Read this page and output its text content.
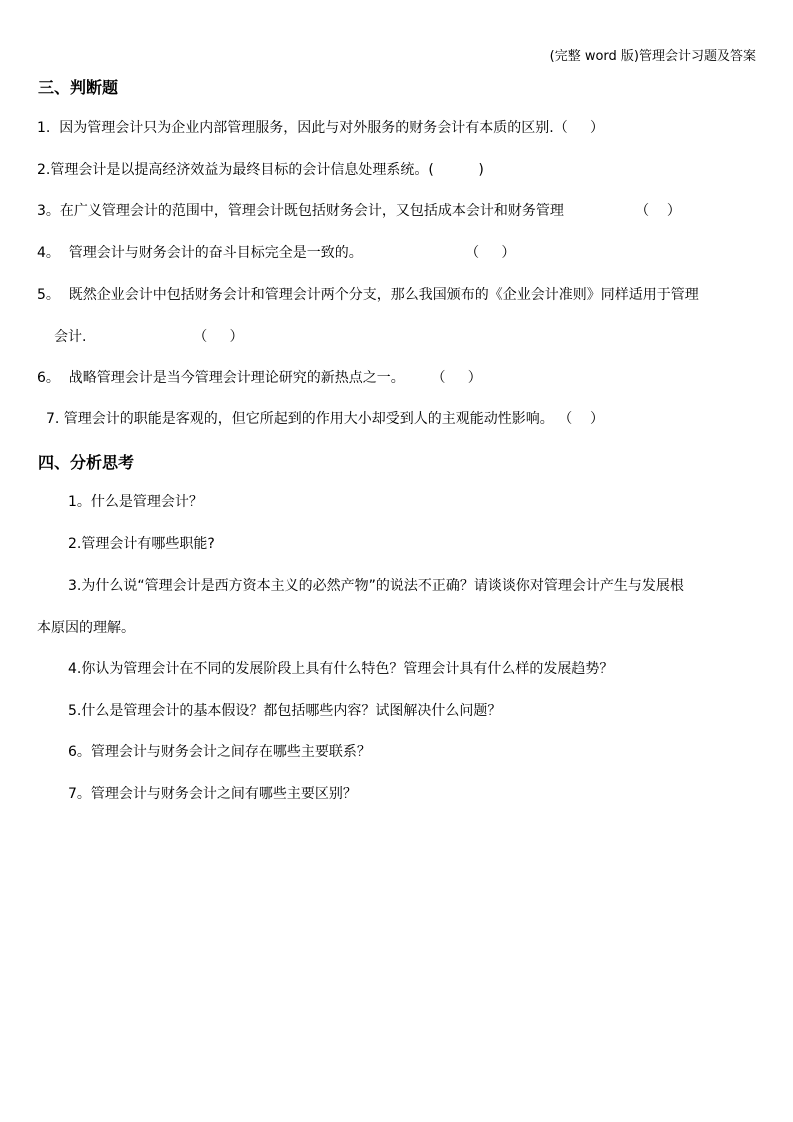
(完整 word 版)管理会计习题及答案
三、判断题
1.  因为管理会计只为企业内部管理服务，因此与对外服务的财务会计有本质的区别.（     ）
2.管理会计是以提高经济效益为最终目标的会计信息处理系统。(          )
3。在广义管理会计的范围中，管理会计既包括财务会计，又包括成本会计和财务管理                （    ）
4。  管理会计与财务会计的奋斗目标完全是一致的。                       （     ）
5。  既然企业会计中包括财务会计和管理会计两个分支，那么我国颁布的《企业会计准则》同样适用于管理
会计.                        （     ）
6。  战略管理会计是当今管理会计理论研究的新热点之一。      （     ）
7. 管理会计的职能是客观的，但它所起到的作用大小却受到人的主观能动性影响。 （    ）
四、分析思考
1。什么是管理会计？
2.管理会计有哪些职能?
3.为什么说“管理会计是西方资本主义的必然产物”的说法不正确？请谈谈你对管理会计产生与发展根
本原因的理解。
4.你认为管理会计在不同的发展阶段上具有什么特色？管理会计具有什么样的发展趋势？
5.什么是管理会计的基本假设？都包括哪些内容？试图解决什么问题？
6。管理会计与财务会计之间存在哪些主要联系？
7。管理会计与财务会计之间有哪些主要区别？
